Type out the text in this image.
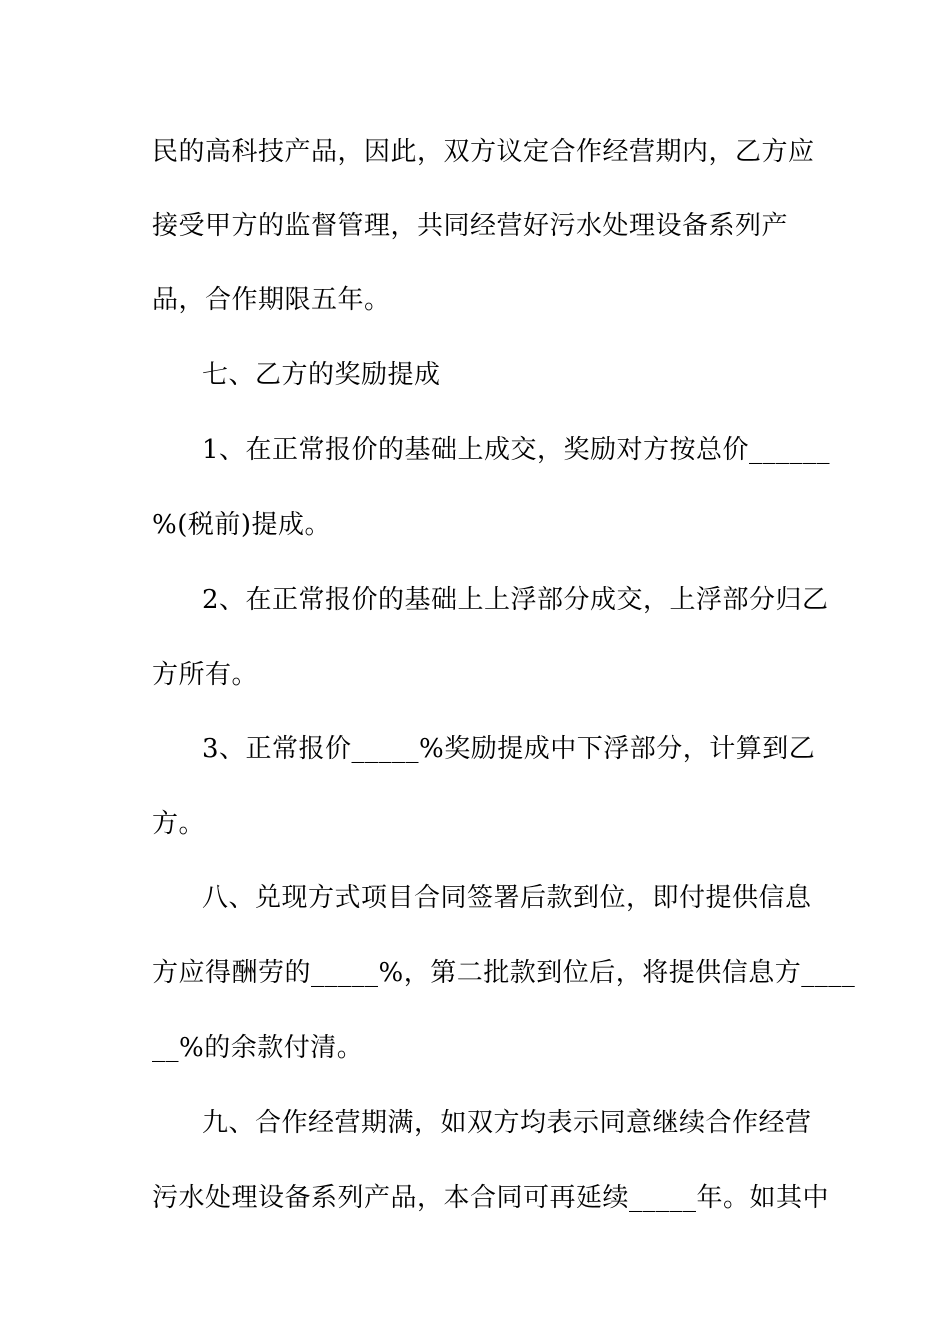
民的高科技产品，因此，双方议定合作经营期内，乙方应
接受甲方的监督管理，共同经营好污水处理设备系列产
品，合作期限五年。
七、乙方的奖励提成
1、在正常报价的基础上成交，奖励对方按总价______
%(税前)提成。
2、在正常报价的基础上上浮部分成交，上浮部分归乙
方所有。
3、正常报价_____%奖励提成中下浮部分，计算到乙
方。
八、兑现方式项目合同签署后款到位，即付提供信息
方应得酬劳的_____%，第二批款到位后，将提供信息方____
__%的余款付清。
九、合作经营期满，如双方均表示同意继续合作经营
污水处理设备系列产品，本合同可再延续_____年。如其中
